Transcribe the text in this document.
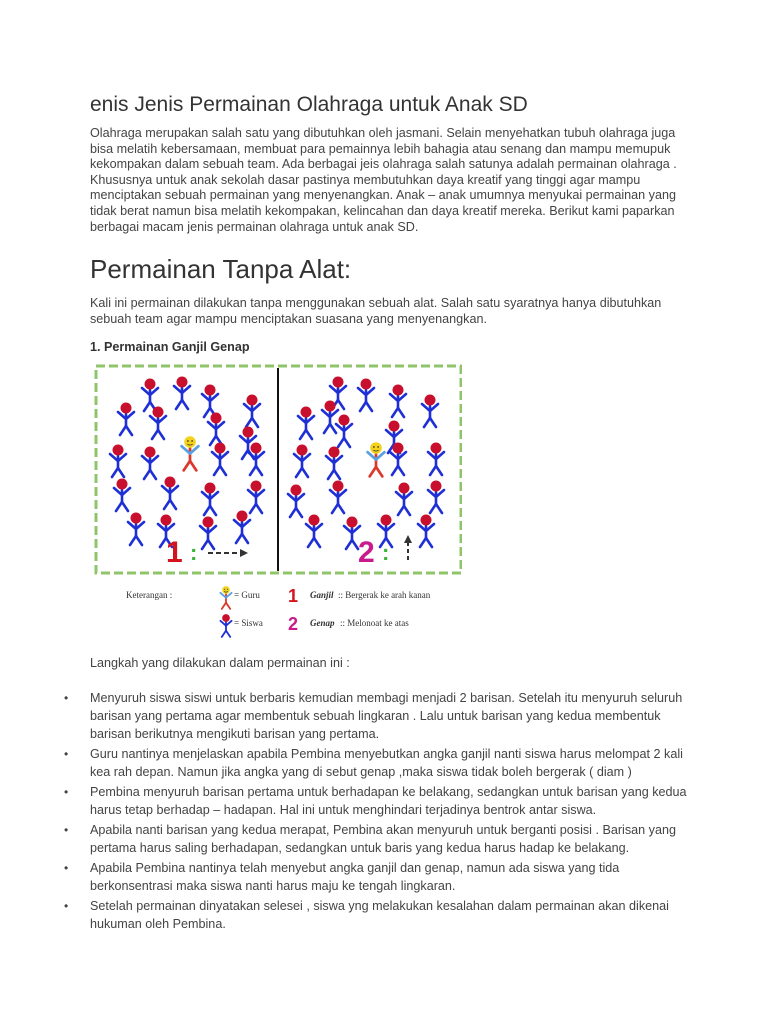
enis Jenis Permainan Olahraga untuk Anak SD

Olahraga merupakan salah satu yang dibutuhkan oleh jasmani. Selain menyehatkan tubuh olahraga juga bisa melatih kebersamaan, membuat para pemainnya lebih bahagia atau senang dan mampu memupuk kekompakan dalam sebuah team. Ada berbagai jeis olahraga salah satunya adalah permainan olahraga . Khususnya untuk anak sekolah dasar pastinya membutuhkan daya kreatif yang tinggi agar mampu menciptakan sebuah permainan yang menyenangkan. Anak – anak umumnya menyukai permainan yang tidak berat namun bisa melatih kekompakan, kelincahan dan daya kreatif mereka. Berikut kami paparkan berbagai macam jenis permainan olahraga untuk anak SD.

Permainan Tanpa Alat:

Kali ini permainan dilakukan tanpa menggunakan sebuah alat. Salah satu syaratnya hanya dibutuhkan sebuah team agar mampu menciptakan suasana yang menyenangkan.

1. Permainan Ganjil Genap
1 :	2 :
Keterangan :	= Guru
= Siswa
1 Ganjil :: Bergerak ke arah kanan
2 Genap :: Melonoat ke atas

Langkah yang dilakukan dalam permainan ini :

• Menyuruh siswa siswi untuk berbaris kemudian membagi menjadi 2 barisan. Setelah itu menyuruh seluruh barisan yang pertama agar membentuk sebuah lingkaran . Lalu untuk barisan yang kedua membentuk barisan berikutnya mengikuti barisan yang pertama.
• Guru nantinya menjelaskan apabila Pembina menyebutkan angka ganjil nanti siswa harus melompat 2 kali kea rah depan. Namun jika angka yang di sebut genap ,maka siswa tidak boleh bergerak ( diam )
• Pembina menyuruh barisan pertama untuk berhadapan ke belakang, sedangkan untuk barisan yang kedua harus tetap berhadap – hadapan. Hal ini untuk menghindari terjadinya bentrok antar siswa.
• Apabila nanti barisan yang kedua merapat, Pembina akan menyuruh untuk berganti posisi . Barisan yang pertama harus saling berhadapan, sedangkan untuk baris yang kedua harus hadap ke belakang.
• Apabila Pembina nantinya telah menyebut angka ganjil dan genap, namun ada siswa yang tida berkonsentrasi maka siswa nanti harus maju ke tengah lingkaran.
• Setelah permainan dinyatakan selesei , siswa yng melakukan kesalahan dalam permainan akan dikenai hukuman oleh Pembina.
